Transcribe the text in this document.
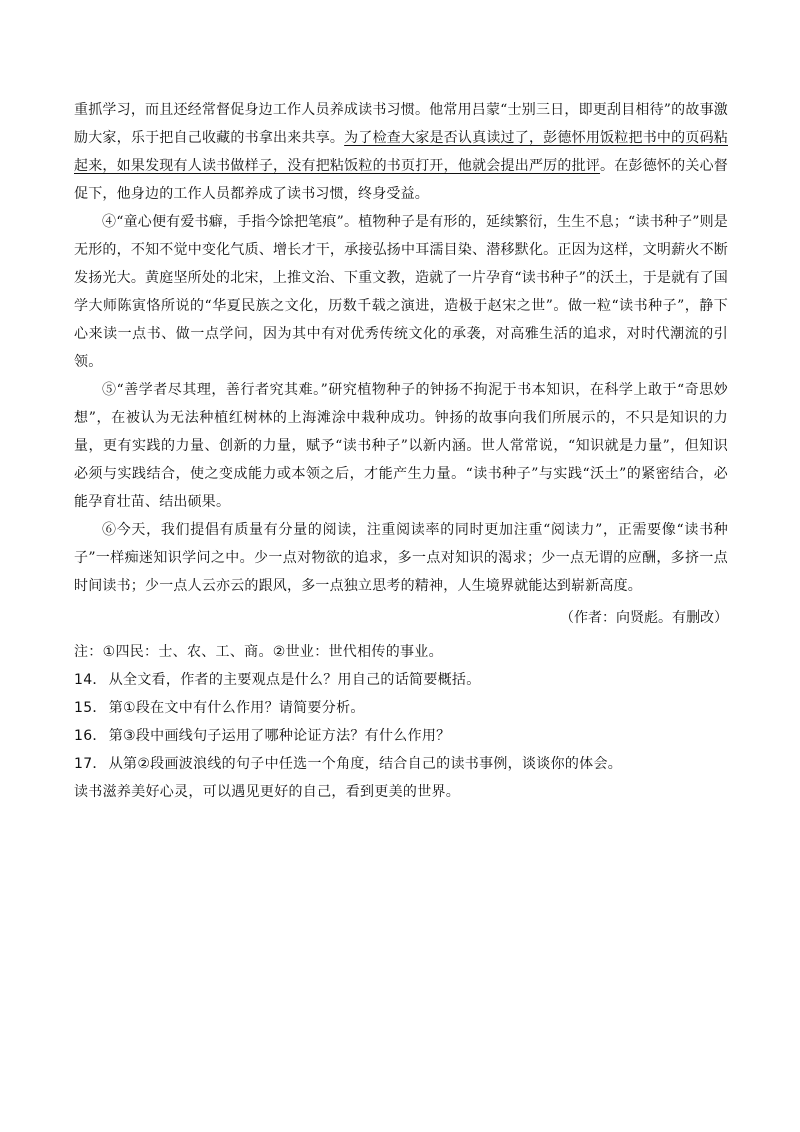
重抓学习，而且还经常督促身边工作人员养成读书习惯。他常用吕蒙“士别三日，即更刮目相待”的故事激励大家，乐于把自己收藏的书拿出来共享。为了检查大家是否认真读过了，彭德怀用饭粒把书中的页码粘起来，如果发现有人读书做样子，没有把粘饭粒的书页打开，他就会提出严厉的批评。在彭德怀的关心督促下，他身边的工作人员都养成了读书习惯，终身受益。

④“童心便有爱书癖，手指今馀把笔痕”。植物种子是有形的，延续繁衍，生生不息；“读书种子”则是无形的，不知不觉中变化气质、增长才干，承接弘扬中耳濡目染、潜移默化。正因为这样，文明薪火不断发扬光大。黄庭坚所处的北宋，上推文治、下重文教，造就了一片孕育“读书种子”的沃土，于是就有了国学大师陈寅恪所说的“华夏民族之文化，历数千载之演进，造极于赵宋之世”。做一粒“读书种子”，静下心来读一点书、做一点学问，因为其中有对优秀传统文化的承袭，对高雅生活的追求，对时代潮流的引领。

⑤“善学者尽其理，善行者究其难。”研究植物种子的钟扬不拘泥于书本知识，在科学上敢于“奇思妙想”，在被认为无法种植红树林的上海滩涂中栽种成功。钟扬的故事向我们所展示的，不只是知识的力量，更有实践的力量、创新的力量，赋予“读书种子”以新内涵。世人常常说，“知识就是力量”，但知识必须与实践结合，使之变成能力或本领之后，才能产生力量。“读书种子”与实践“沃土”的紧密结合，必能孕育壮苗、结出硕果。

⑥今天，我们提倡有质量有分量的阅读，注重阅读率的同时更加注重“阅读力”，正需要像“读书种子”一样痴迷知识学问之中。少一点对物欲的追求，多一点对知识的渴求；少一点无谓的应酬，多挤一点时间读书；少一点人云亦云的跟风，多一点独立思考的精神，人生境界就能达到崭新高度。

（作者：向贤彪。有删改）

注：①四民：士、农、工、商。②世业：世代相传的事业。

14． 从全文看，作者的主要观点是什么？用自己的话简要概括。

15． 第①段在文中有什么作用？请简要分析。

16． 第③段中画线句子运用了哪种论证方法？有什么作用？

17． 从第②段画波浪线的句子中任选一个角度，结合自己的读书事例，谈谈你的体会。

读书滋养美好心灵，可以遇见更好的自己，看到更美的世界。
